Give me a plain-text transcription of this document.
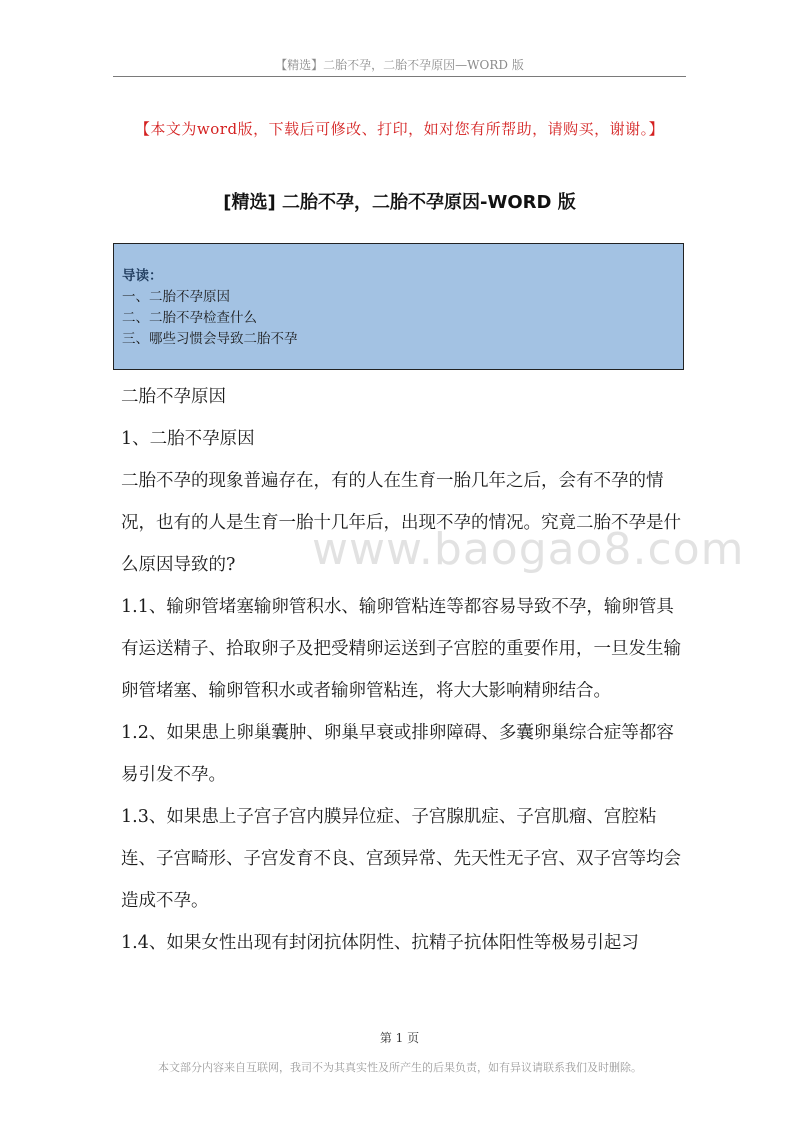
【精选】二胎不孕，二胎不孕原因—WORD 版
【本文为word版，下载后可修改、打印，如对您有所帮助，请购买，谢谢。】
[精选] 二胎不孕，二胎不孕原因-WORD 版
导读：
一、二胎不孕原因
二、二胎不孕检查什么
三、哪些习惯会导致二胎不孕

二胎不孕原因

1、二胎不孕原因

二胎不孕的现象普遍存在，有的人在生育一胎几年之后，会有不孕的情况，也有的人是生育一胎十几年后，出现不孕的情况。究竟二胎不孕是什么原因导致的?

1.1、输卵管堵塞输卵管积水、输卵管粘连等都容易导致不孕，输卵管具有运送精子、拾取卵子及把受精卵运送到子宫腔的重要作用，一旦发生输卵管堵塞、输卵管积水或者输卵管粘连，将大大影响精卵结合。

1.2、如果患上卵巢囊肿、卵巢早衰或排卵障碍、多囊卵巢综合症等都容易引发不孕。

1.3、如果患上子宫子宫内膜异位症、子宫腺肌症、子宫肌瘤、宫腔粘连、子宫畸形、子宫发育不良、宫颈异常、先天性无子宫、双子宫等均会造成不孕。

1.4、如果女性出现有封闭抗体阴性、抗精子抗体阳性等极易引起习

www.baogao8.com
第 1 页
本文部分内容来自互联网，我司不为其真实性及所产生的后果负责，如有异议请联系我们及时删除。
